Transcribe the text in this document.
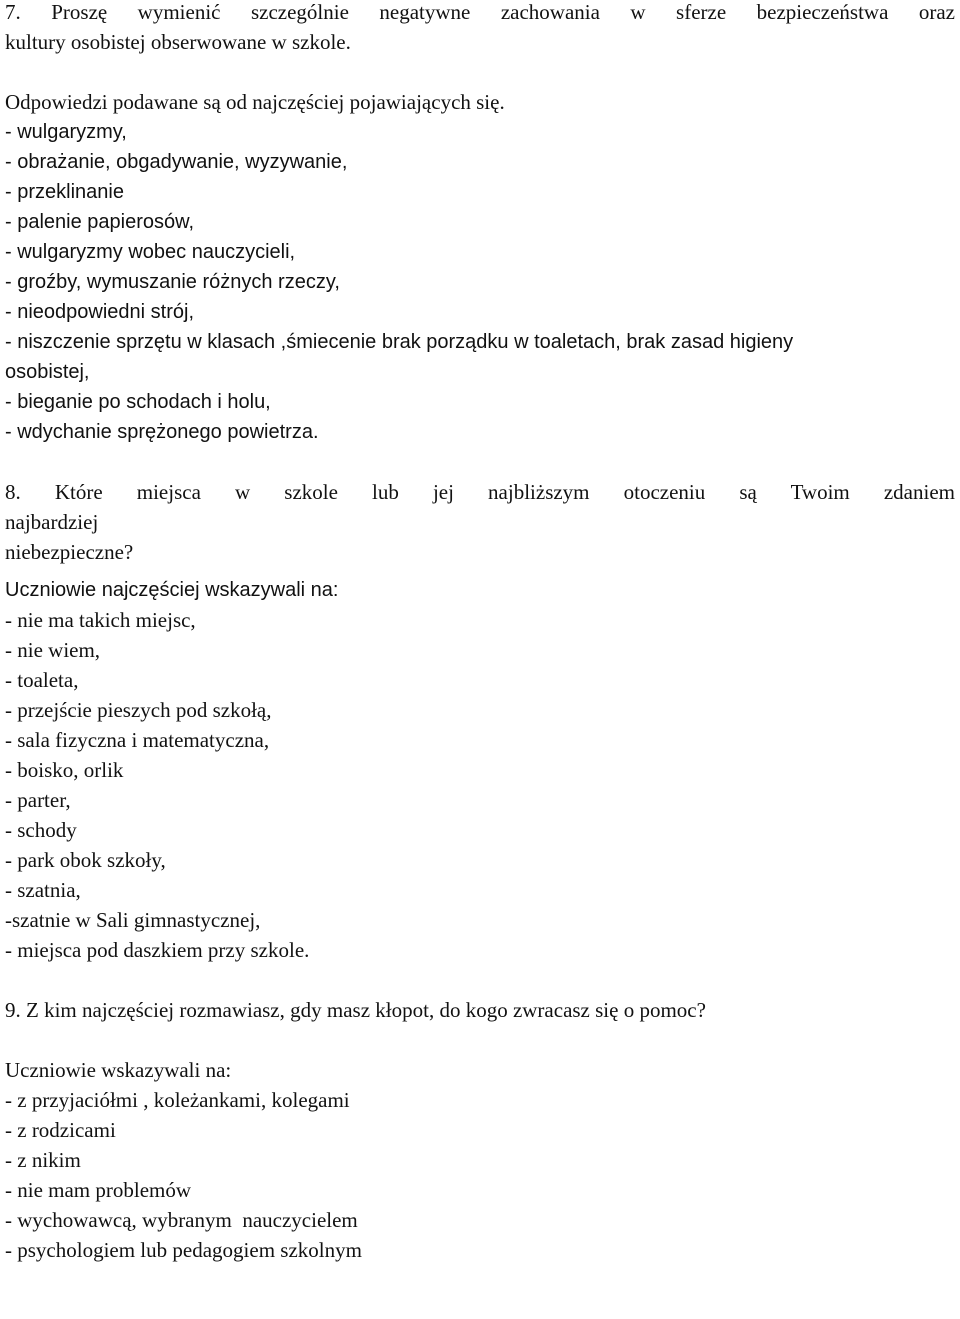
7. Proszę wymienić szczególnie negatywne zachowania w sferze bezpieczeństwa oraz
kultury osobistej obserwowane w szkole.
Odpowiedzi podawane są od najczęściej pojawiających się.
- wulgaryzmy,
- obrażanie, obgadywanie, wyzywanie,
- przeklinanie
- palenie papierosów,
- wulgaryzmy wobec nauczycieli,
- groźby, wymuszanie różnych rzeczy,
- nieodpowiedni strój,
- niszczenie sprzętu w klasach ,śmiecenie brak porządku w toaletach, brak zasad higieny
osobistej,
- bieganie po schodach i holu,
- wdychanie sprężonego powietrza.
8. Które miejsca w szkole lub jej najbliższym otoczeniu są Twoim zdaniem
najbardziej
niebezpieczne?
Uczniowie najczęściej wskazywali na:
- nie ma takich miejsc,
- nie wiem,
- toaleta,
- przejście pieszych pod szkołą,
- sala fizyczna i matematyczna,
- boisko, orlik
- parter,
- schody
- park obok szkoły,
- szatnia,
-szatnie w Sali gimnastycznej,
- miejsca pod daszkiem przy szkole.
9. Z kim najczęściej rozmawiasz, gdy masz kłopot, do kogo zwracasz się o pomoc?
Uczniowie wskazywali na:
- z przyjaciółmi , koleżankami, kolegami
- z rodzicami
- z nikim
- nie mam problemów
- wychowawcą, wybranym  nauczycielem
- psychologiem lub pedagogiem szkolnym
